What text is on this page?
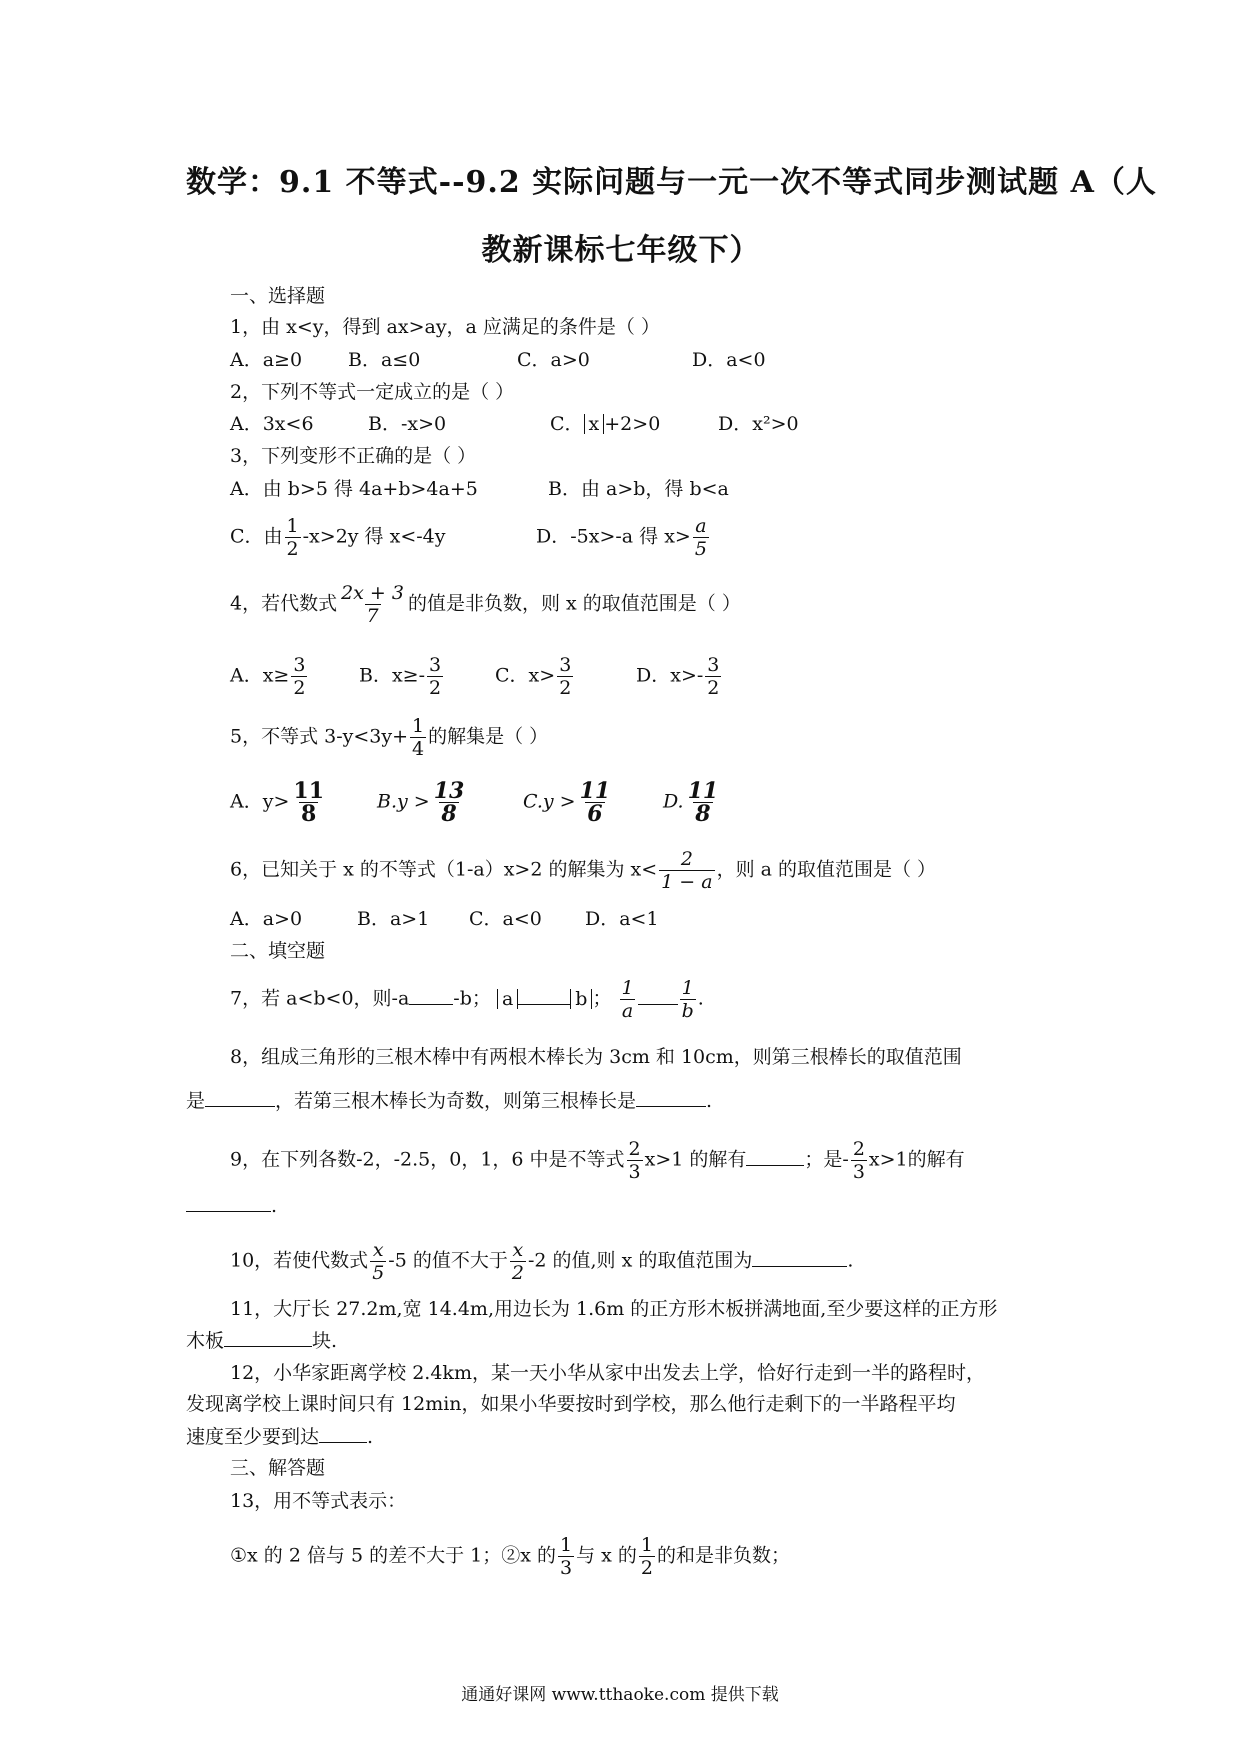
数学：9.1 不等式--9.2 实际问题与一元一次不等式同步测试题 A（人
教新课标七年级下）
一、选择题
1，由 x<y，得到 ax>ay，a 应满足的条件是（ ）
A．a≥0 B．a≤0	C．a>0	D．a<0
2，下列不等式一定成立的是（ ）
A．3x<6	B．-x>0	C． x +2>0	D．x²>0
3，下列变形不正确的是（ ）
A．由 b>5 得 4a+b>4a+5	B．由 a>b，得 b<a
C．由 $\frac{1}{2} -x>2y$ 得 x<-4y	D．-5x>-a 得 $x> \frac{a}{5}$
4，若代数式 $\frac{2x + 3}{7}$ 的值是非负数，则 x 的取值范围是（ ）
A．$x\ge \frac{3}{2}$	B．$x\ge- \frac{3}{2}$	C．$x> \frac{3}{2}$	D．$x>- \frac{3}{2}$
5，不等式 $3-y<3y+ \frac{1}{4}$ 的解集是（ ）
A．$y> \frac{11}{8}$	$B.y > \frac{13}{8}$	$C.y > \frac{11}{6}$	D. $\frac{11}{8}$
6，已知关于 x 的不等式（1-a）x>2 的解集为 $x< \frac{2}{1 - a}$ ，则 a 的取值范围是（ ）
A．a>0	B．a>1 C．a<0 D．a<1
二、填空题
7，若 a<b<0，则-a -b； a	b ； $\frac{1}{a} \frac{1}{b}$ .
8，组成三角形的三根木棒中有两根木棒长为 3cm 和 10cm，则第三根棒长的取值范围
是	，若第三根木棒长为奇数，则第三根棒长是	.
9，在下列各数-2，-2.5，0，1，6 中是不等式 $\frac{2}{3} x>1$ 的解有	；是- $\frac{2}{3} x>1$的解有
.
10，若使代数式 $\frac{x}{5} -5$ 的值不大于 $\frac{x}{2} -2$ 的值,则 x 的取值范围为	.
11，大厅长 27.2m,宽 14.4m,用边长为 1.6m 的正方形木板拼满地面,至少要这样的正方形
木板	块.
12，小华家距离学校 2.4km，某一天小华从家中出发去上学，恰好行走到一半的路程时，
发现离学校上课时间只有 12min，如果小华要按时到学校，那么他行走剩下的一半路程平均
速度至少要到达	.
三、解答题
13，用不等式表示：
①x 的 2 倍与 5 的差不大于 1；②x 的 $\frac{1}{3}$ 与 x 的 $\frac{1}{2}$ 的和是非负数；
通通好课网 www.tthaoke.com 提供下载
